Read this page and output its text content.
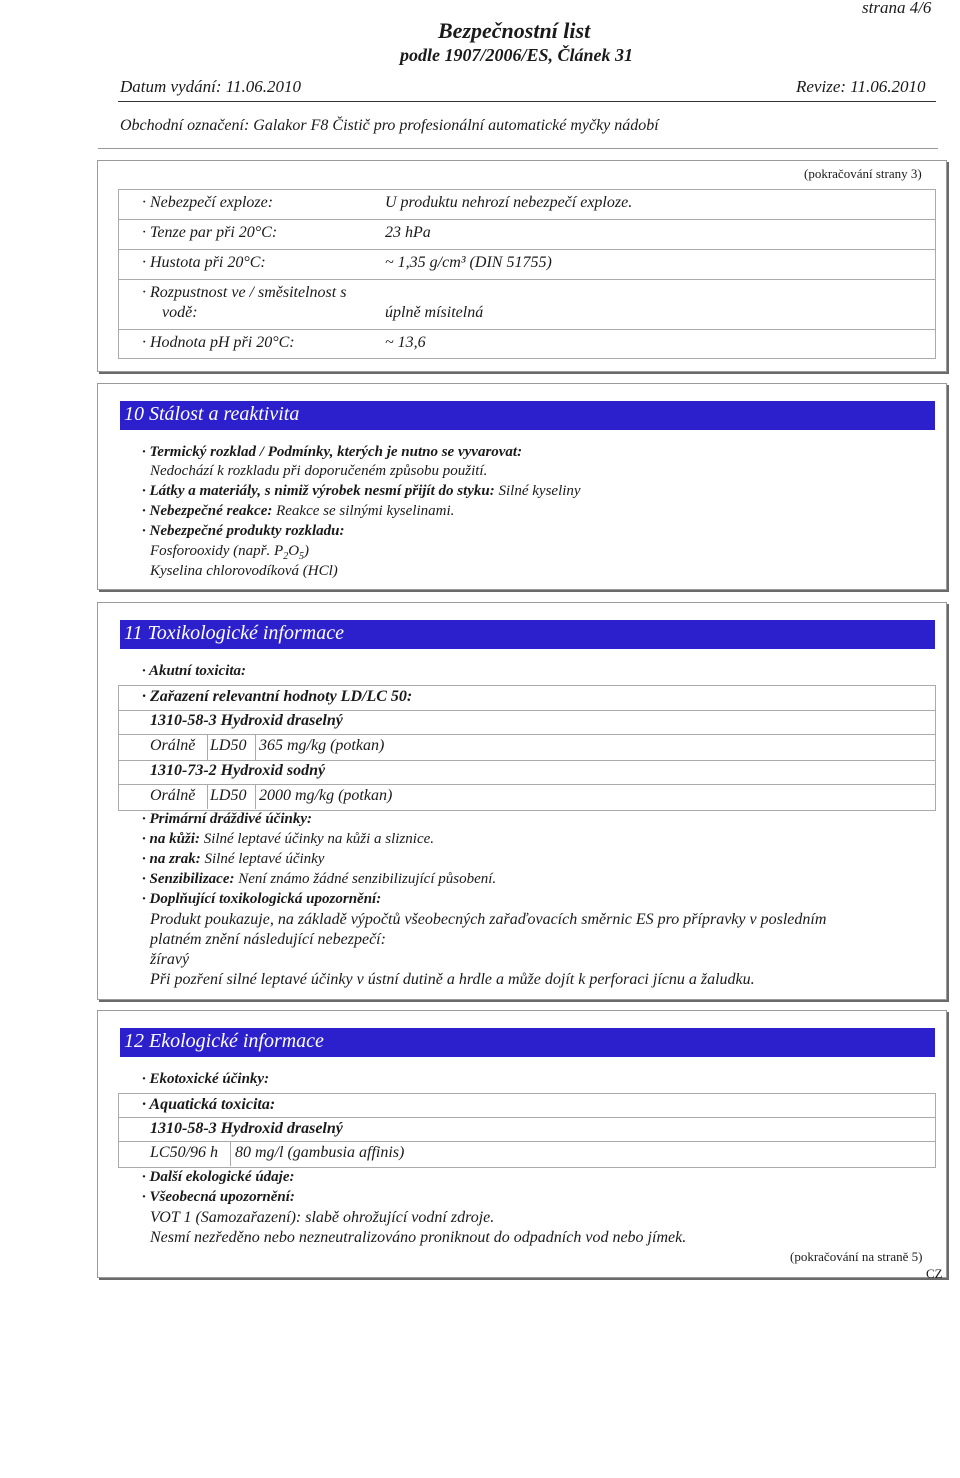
strana 4/6
Bezpečnostní list
podle 1907/2006/ES, Článek 31
Datum vydání: 11.06.2010	Revize: 11.06.2010
Obchodní označení: Galakor F8 Čistič pro profesionální automatické myčky nádobí
(pokračování strany 3)
· Nebezpečí exploze:	U produktu nehrozí nebezpečí exploze.
· Tenze par při 20°C:	23 hPa
· Hustota při 20°C:	~ 1,35 g/cm³ (DIN 51755)
· Rozpustnost ve / směsitelnost s
vodě:	úplně mísitelná
· Hodnota pH při 20°C:	~ 13,6
10 Stálost a reaktivita
· Termický rozklad / Podmínky, kterých je nutno se vyvarovat:
Nedochází k rozkladu při doporučeném způsobu použití.
· Látky a materiály, s nimiž výrobek nesmí přijít do styku: Silné kyseliny
· Nebezpečné reakce: Reakce se silnými kyselinami.
· Nebezpečné produkty rozkladu:
Fosforooxidy (např. $P_2O_5$)
Kyselina chlorovodíková (HCl)
11 Toxikologické informace
· Akutní toxicita:
· Zařazení relevantní hodnoty LD/LC 50:
1310-58-3 Hydroxid draselný
Orálně LD50 365 mg/kg (potkan)
1310-73-2 Hydroxid sodný
Orálně LD50 2000 mg/kg (potkan)
· Primární dráždivé účinky:
· na kůži: Silné leptavé účinky na kůži a sliznice.
· na zrak: Silné leptavé účinky
· Senzibilizace: Není známo žádné senzibilizující působení.
· Doplňující toxikologická upozornění:
Produkt poukazuje, na základě výpočtů všeobecných zařaďovacích směrnic ES pro přípravky v posledním
platném znění následující nebezpečí:
žíravý
Při pozření silné leptavé účinky v ústní dutině a hrdle a může dojít k perforaci jícnu a žaludku.
12 Ekologické informace
· Ekotoxické účinky:
· Aquatická toxicita:
1310-58-3 Hydroxid draselný
LC50/96 h 80 mg/l (gambusia affinis)
· Další ekologické údaje:
· Všeobecná upozornění:
VOT 1 (Samozařazení): slabě ohrožující vodní zdroje.
Nesmí nezředěno nebo nezneutralizováno proniknout do odpadních vod nebo jímek.
(pokračování na straně 5)
CZ
